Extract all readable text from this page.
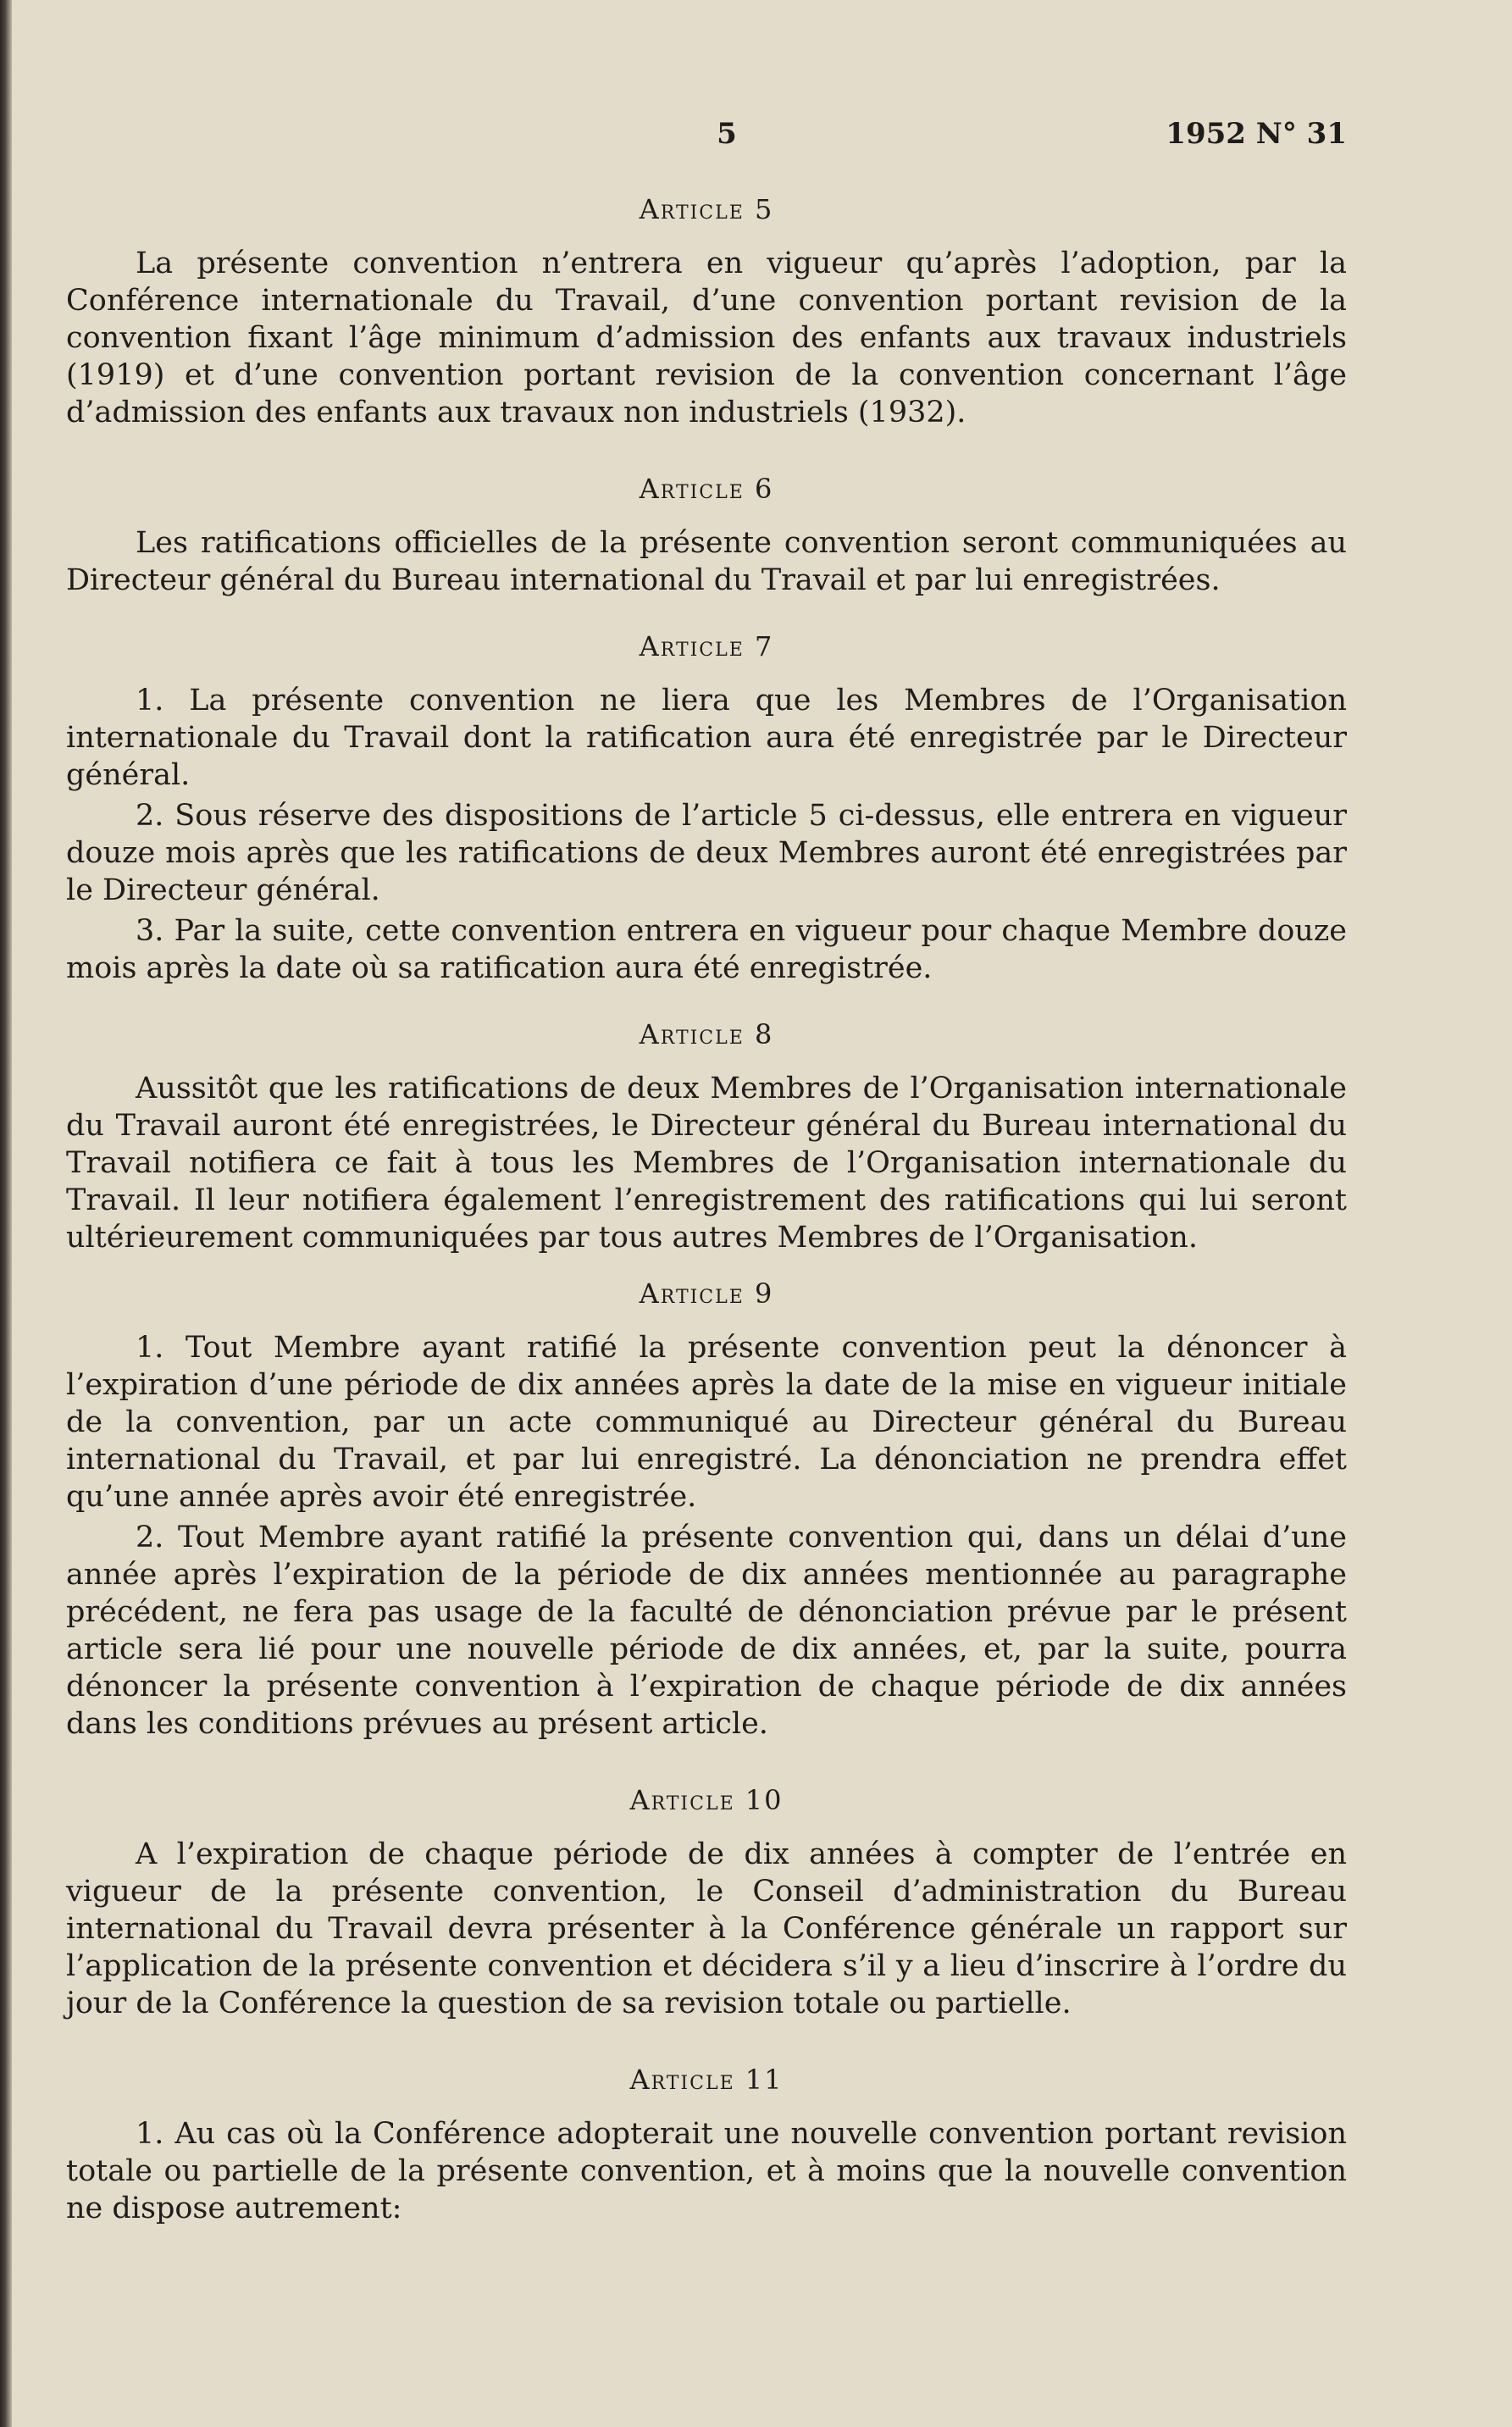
5	1952 N° 31
Article 5

La présente convention n’entrera en vigueur qu’après l’adoption, par la Conférence internationale du Travail, d’une convention portant revision de la convention fixant l’âge minimum d’admission des enfants aux travaux industriels (1919) et d’une convention portant revision de la convention concernant l’âge d’admission des enfants aux travaux non industriels (1932).

Article 6

Les ratifications officielles de la présente convention seront communiquées au Directeur général du Bureau international du Travail et par lui enregistrées.

Article 7

1. La présente convention ne liera que les Membres de l’Organisation internationale du Travail dont la ratification aura été enregistrée par le Directeur général.

2. Sous réserve des dispositions de l’article 5 ci-dessus, elle entrera en vigueur douze mois après que les ratifications de deux Membres auront été enregistrées par le Directeur général.

3. Par la suite, cette convention entrera en vigueur pour chaque Membre douze mois après la date où sa ratification aura été enregistrée.

Article 8

Aussitôt que les ratifications de deux Membres de l’Organisation internationale du Travail auront été enregistrées, le Directeur général du Bureau international du Travail notifiera ce fait à tous les Membres de l’Organisation internationale du Travail. Il leur notifiera également l’enregistrement des ratifications qui lui seront ultérieurement communiquées par tous autres Membres de l’Organisation.

Article 9

1. Tout Membre ayant ratifié la présente convention peut la dénoncer à l’expiration d’une période de dix années après la date de la mise en vigueur initiale de la convention, par un acte communiqué au Directeur général du Bureau international du Travail, et par lui enregistré. La dénonciation ne prendra effet qu’une année après avoir été enregistrée.

2. Tout Membre ayant ratifié la présente convention qui, dans un délai d’une année après l’expiration de la période de dix années mentionnée au paragraphe précédent, ne fera pas usage de la faculté de dénonciation prévue par le présent article sera lié pour une nouvelle période de dix années, et, par la suite, pourra dénoncer la présente convention à l’expiration de chaque période de dix années dans les conditions prévues au présent article.

Article 10

A l’expiration de chaque période de dix années à compter de l’entrée en vigueur de la présente convention, le Conseil d’administration du Bureau international du Travail devra présenter à la Conférence générale un rapport sur l’application de la présente convention et décidera s’il y a lieu d’inscrire à l’ordre du jour de la Conférence la question de sa revision totale ou partielle.

Article 11

1. Au cas où la Conférence adopterait une nouvelle convention portant revision totale ou partielle de la présente convention, et à moins que la nouvelle convention ne dispose autrement:
